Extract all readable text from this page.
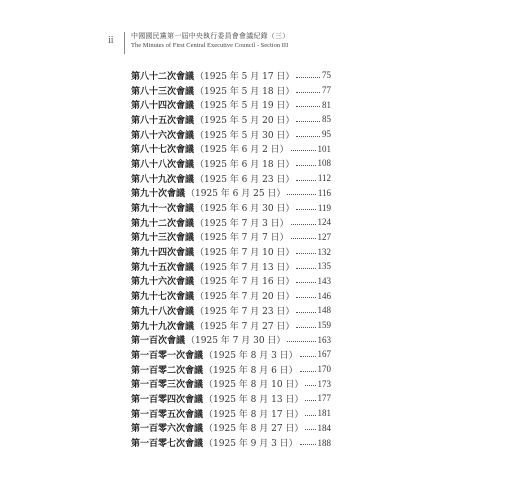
ii 中國國民黨第一屆中央執行委員會會議紀錄（三）
The Minutes of First Central Executive Council - Section III
第八十二次會議 （1925 年 5 月 17 日）	75
第八十三次會議 （1925 年 5 月 18 日）	77
第八十四次會議 （1925 年 5 月 19 日）	81
第八十五次會議 （1925 年 5 月 20 日）	85
第八十六次會議 （1925 年 5 月 30 日）	95
第八十七次會議 （1925 年 6 月 2 日）	101
第八十八次會議 （1925 年 6 月 18 日）	108
第八十九次會議 （1925 年 6 月 23 日）	112
第九十次會議 （1925 年 6 月 25 日）	116
第九十一次會議 （1925 年 6 月 30 日）	119
第九十二次會議 （1925 年 7 月 3 日）	124
第九十三次會議 （1925 年 7 月 7 日）	127
第九十四次會議 （1925 年 7 月 10 日）	132
第九十五次會議 （1925 年 7 月 13 日）	135
第九十六次會議 （1925 年 7 月 16 日）	143
第九十七次會議 （1925 年 7 月 20 日）	146
第九十八次會議 （1925 年 7 月 23 日）	148
第九十九次會議 （1925 年 7 月 27 日）	159
第一百次會議 （1925 年 7 月 30 日）	163
第一百零一次會議 （1925 年 8 月 3 日） 167
第一百零二次會議 （1925 年 8 月 6 日） 170
第一百零三次會議 （1925 年 8 月 10 日） 173
第一百零四次會議 （1925 年 8 月 13 日） 177
第一百零五次會議 （1925 年 8 月 17 日） 181
第一百零六次會議 （1925 年 8 月 27 日） 184
第一百零七次會議 （1925 年 9 月 3 日） 188
